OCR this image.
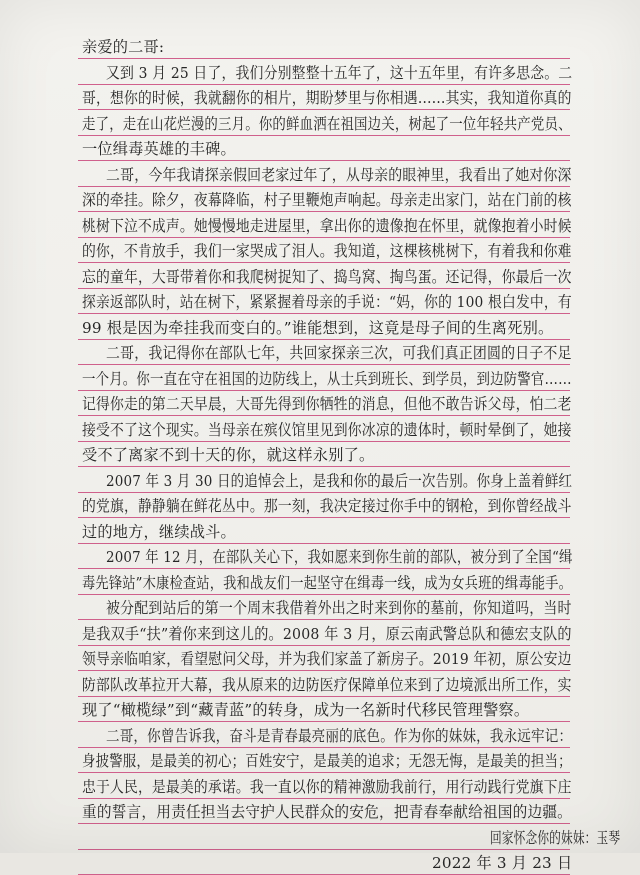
亲爱的二哥:
又到 3 月 25 日了，我们分别整整十五年了，这十五年里，有许多思念。二
哥，想你的时候，我就翻你的相片，期盼梦里与你相遇……其实，我知道你真的
走了，走在山花烂漫的三月。你的鲜血洒在祖国边关，树起了一位年轻共产党员、
一位缉毒英雄的丰碑。
二哥，今年我请探亲假回老家过年了，从母亲的眼神里，我看出了她对你深
深的牵挂。除夕，夜幕降临，村子里鞭炮声响起。母亲走出家门，站在门前的核
桃树下泣不成声。她慢慢地走进屋里，拿出你的遗像抱在怀里，就像抱着小时候
的你，不肯放手，我们一家哭成了泪人。我知道，这棵核桃树下，有着我和你难
忘的童年，大哥带着你和我爬树捉知了、捣鸟窝、掏鸟蛋。还记得，你最后一次
探亲返部队时，站在树下，紧紧握着母亲的手说：“妈，你的 100 根白发中，有
99 根是因为牵挂我而变白的。”谁能想到，这竟是母子间的生离死别。
二哥，我记得你在部队七年，共回家探亲三次，可我们真正团圆的日子不足
一个月。你一直在守在祖国的边防线上，从士兵到班长、到学员，到边防警官……
记得你走的第二天早晨，大哥先得到你牺牲的消息，但他不敢告诉父母，怕二老
接受不了这个现实。当母亲在殡仪馆里见到你冰凉的遗体时，顿时晕倒了，她接
受不了离家不到十天的你，就这样永别了。
2007 年 3 月 30 日的追悼会上，是我和你的最后一次告别。你身上盖着鲜红
的党旗，静静躺在鲜花丛中。那一刻，我决定接过你手中的钢枪，到你曾经战斗
过的地方，继续战斗。
2007 年 12 月，在部队关心下，我如愿来到你生前的部队，被分到了全国“缉
毒先锋站”木康检查站，我和战友们一起坚守在缉毒一线，成为女兵班的缉毒能手。
被分配到站后的第一个周末我借着外出之时来到你的墓前，你知道吗，当时
是我双手“扶”着你来到这儿的。2008 年 3 月，原云南武警总队和德宏支队的
领导亲临咱家，看望慰问父母，并为我们家盖了新房子。2019 年初，原公安边
防部队改革拉开大幕，我从原来的边防医疗保障单位来到了边境派出所工作，实
现了“橄榄绿”到“藏青蓝”的转身，成为一名新时代移民管理警察。
二哥，你曾告诉我，奋斗是青春最亮丽的底色。作为你的妹妹，我永远牢记：
身披警服，是最美的初心；百姓安宁，是最美的追求；无怨无悔，是最美的担当；
忠于人民，是最美的承诺。我一直以你的精神激励我前行，用行动践行党旗下庄
重的誓言，用责任担当去守护人民群众的安危，把青春奉献给祖国的边疆。
回家怀念你的妹妹：玉琴
2022 年 3 月 23 日
